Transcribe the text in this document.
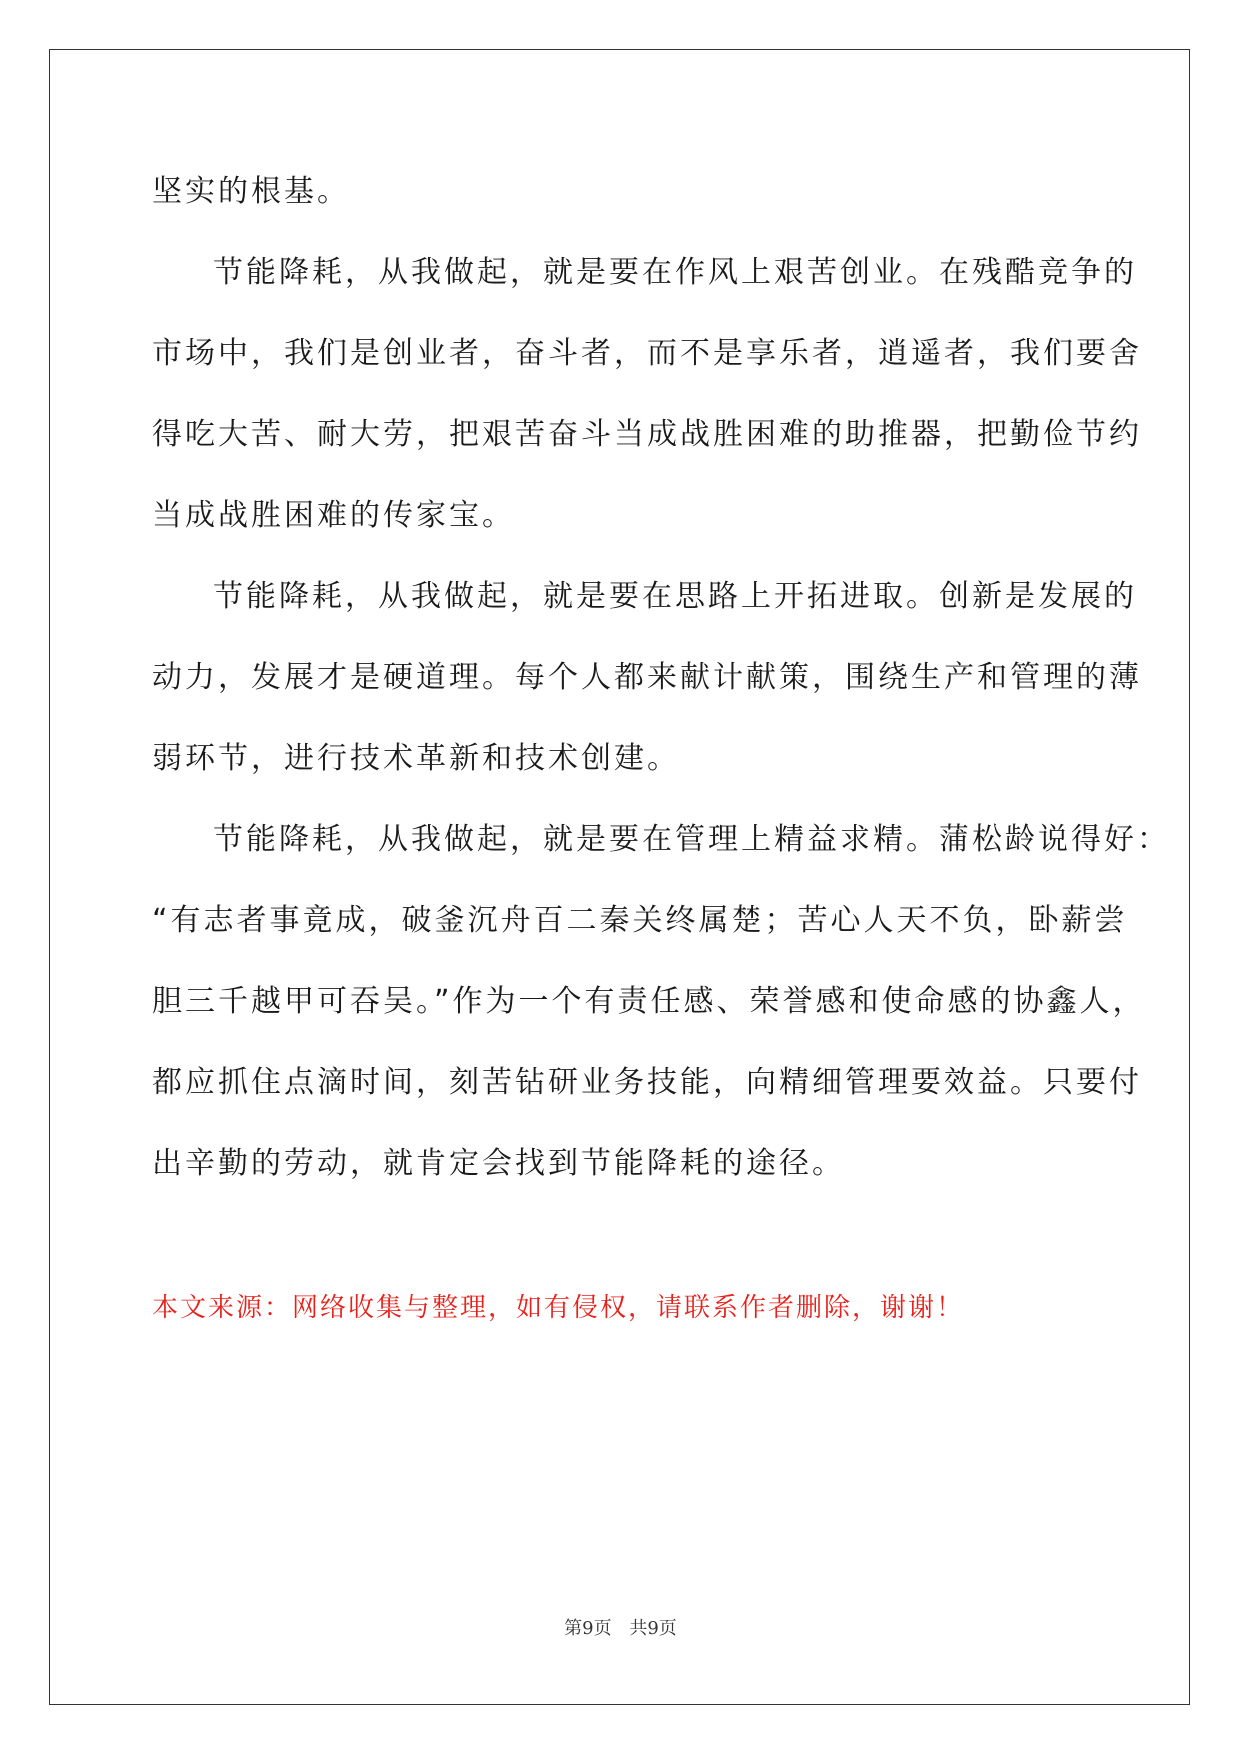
坚实的根基。
节能降耗，从我做起，就是要在作风上艰苦创业。在残酷竞争的
市场中，我们是创业者，奋斗者，而不是享乐者，逍遥者，我们要舍
得吃大苦、耐大劳，把艰苦奋斗当成战胜困难的助推器，把勤俭节约
当成战胜困难的传家宝。
节能降耗，从我做起，就是要在思路上开拓进取。创新是发展的
动力，发展才是硬道理。每个人都来献计献策，围绕生产和管理的薄
弱环节，进行技术革新和技术创建。
节能降耗，从我做起，就是要在管理上精益求精。蒲松龄说得好：
“有志者事竟成，破釜沉舟百二秦关终属楚；苦心人天不负，卧薪尝
胆三千越甲可吞吴。”作为一个有责任感、荣誉感和使命感的协鑫人，
都应抓住点滴时间，刻苦钻研业务技能，向精细管理要效益。只要付
出辛勤的劳动，就肯定会找到节能降耗的途径。
本文来源：网络收集与整理，如有侵权，请联系作者删除，谢谢！
第9页 共9页
